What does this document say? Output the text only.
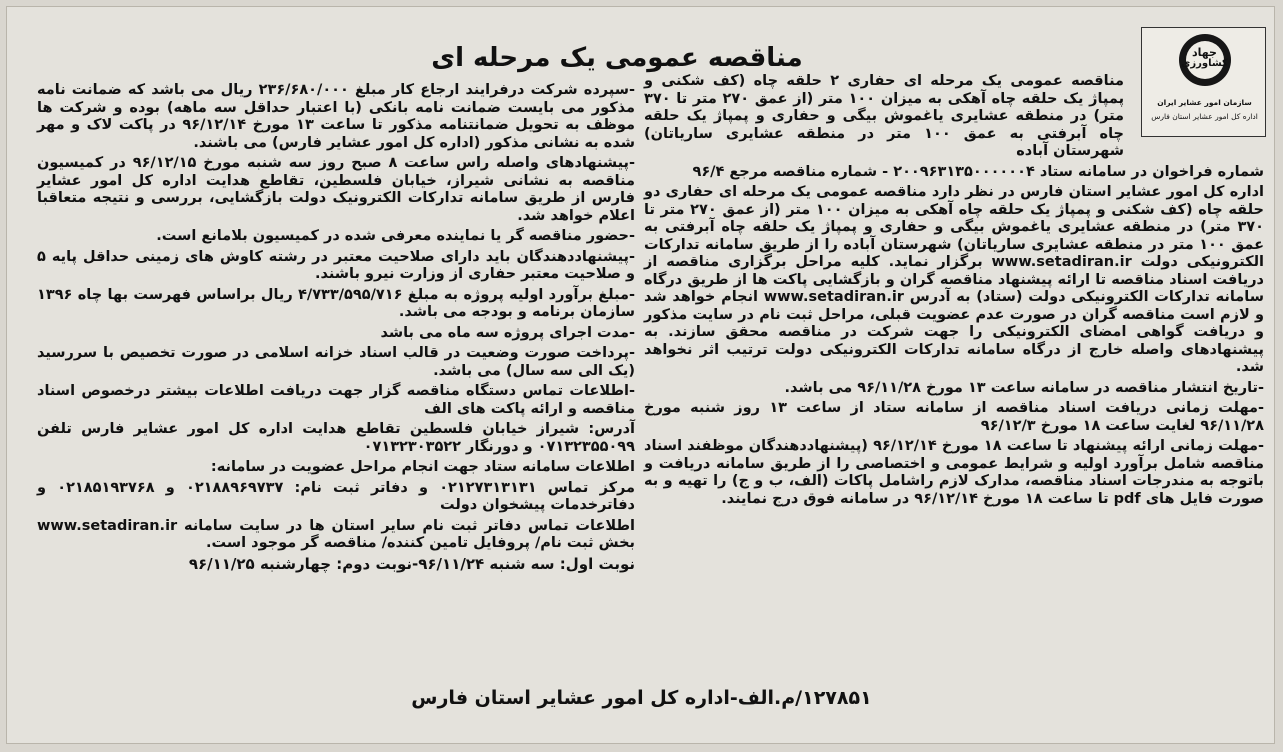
جهاد
کشاورزی
سازمان امور عشایر ایران
اداره کل امور عشایر استان فارس
مناقصه عمومی یک مرحله ای

مناقصه عمومی یک مرحله ای حفاری ۲ حلقه چاه (کف شکنی و پمپاژ یک حلقه چاه آهکی به میزان ۱۰۰ متر (از عمق ۲۷۰ متر تا ۳۷۰ متر) در منطقه عشایری یاغموش بیگی و حفاری و پمپاژ یک حلقه چاه آبرفتی به عمق ۱۰۰ متر در منطقه عشایری ساریاتان) شهرستان آباده

شماره فراخوان در سامانه ستاد ۲۰۰۹۶۳۱۳۵۰۰۰۰۰۰۴ - شماره مناقصه مرجع ۹۶/۴

اداره کل امور عشایر استان فارس در نظر دارد مناقصه عمومی یک مرحله ای حفاری دو حلقه چاه (کف شکنی و پمپاژ یک حلقه چاه آهکی به میزان ۱۰۰ متر (از عمق ۲۷۰ متر تا ۳۷۰ متر) در منطقه عشایری یاغموش بیگی و حفاری و پمپاژ یک حلقه چاه آبرفتی به عمق ۱۰۰ متر در منطقه عشایری ساریاتان) شهرستان آباده را از طریق سامانه تدارکات الکترونیکی دولت www.setadiran.ir برگزار نماید. کلیه مراحل برگزاری مناقصه از دریافت اسناد مناقصه تا ارائه پیشنهاد مناقصه گران و بازگشایی پاکت ها از طریق درگاه سامانه تدارکات الکترونیکی دولت (ستاد) به آدرس www.setadiran.ir انجام خواهد شد و لازم است مناقصه گران در صورت عدم عضویت قبلی، مراحل ثبت نام در سایت مذکور و دریافت گواهی امضای الکترونیکی را جهت شرکت در مناقصه محقق سازند. به پیشنهادهای واصله خارج از درگاه سامانه تدارکات الکترونیکی دولت ترتیب اثر نخواهد شد.

-تاریخ انتشار مناقصه در سامانه ساعت ۱۳ مورخ ۹۶/۱۱/۲۸ می باشد.

-مهلت زمانی دریافت اسناد مناقصه از سامانه ستاد از ساعت ۱۳ روز شنبه مورخ ۹۶/۱۱/۲۸ لغایت ساعت ۱۸ مورخ ۹۶/۱۲/۳

-مهلت زمانی ارائه پیشنهاد تا ساعت ۱۸ مورخ ۹۶/۱۲/۱۴ (پیشنهاددهندگان موظفند اسناد مناقصه شامل برآورد اولیه و شرایط عمومی و اختصاصی را از طریق سامانه دریافت و باتوجه به مندرجات اسناد مناقصه، مدارک لازم راشامل پاکات (الف، ب و ج) را تهیه و به صورت فایل های pdf تا ساعت ۱۸ مورخ ۹۶/۱۲/۱۴ در سامانه فوق درج نمایند.

-سپرده شرکت درفرایند ارجاع کار مبلغ ۲۳۶/۶۸۰/۰۰۰ ریال می باشد که ضمانت نامه مذکور می بایست ضمانت نامه بانکی (با اعتبار حداقل سه ماهه) بوده و شرکت ها موظف به تحویل ضمانتنامه مذکور تا ساعت ۱۳ مورخ ۹۶/۱۲/۱۴ در پاکت لاک و مهر شده به نشانی مذکور (اداره کل امور عشایر فارس) می باشند.

-پیشنهادهای واصله راس ساعت ۸ صبح روز سه شنبه مورخ ۹۶/۱۲/۱۵ در کمیسیون مناقصه به نشانی شیراز، خیابان فلسطین، تقاطع هدایت اداره کل امور عشایر فارس از طریق سامانه تدارکات الکترونیک دولت بازگشایی، بررسی و نتیجه متعاقبا اعلام خواهد شد.

-حضور مناقصه گر یا نماینده معرفی شده در کمیسیون بلامانع است.

-پیشنهاددهندگان باید دارای صلاحیت معتبر در رشته کاوش های زمینی حداقل پایه ۵ و صلاحیت معتبر حفاری از وزارت نیرو باشند.

-مبلغ برآورد اولیه پروژه به مبلغ ۴/۷۳۳/۵۹۵/۷۱۶ ریال براساس فهرست بها چاه ۱۳۹۶ سازمان برنامه و بودجه می باشد.

-مدت اجرای پروژه سه ماه می باشد

-پرداخت صورت وضعیت در قالب اسناد خزانه اسلامی در صورت تخصیص با سررسید (یک الی سه سال) می باشد.

-اطلاعات تماس دستگاه مناقصه گزار جهت دریافت اطلاعات بیشتر درخصوص اسناد مناقصه و ارائه پاکت های الف

آدرس: شیراز خیابان فلسطین تقاطع هدایت اداره کل امور عشایر فارس تلفن ۰۷۱۳۲۳۵۵۰۹۹ و دورنگار ۰۷۱۳۲۳۰۳۵۲۲

اطلاعات سامانه ستاد جهت انجام مراحل عضویت در سامانه:

مرکز تماس ۰۲۱۲۷۳۱۳۱۳۱ و دفاتر ثبت نام: ۰۲۱۸۸۹۶۹۷۳۷ و ۰۲۱۸۵۱۹۳۷۶۸ و دفاترخدمات پیشخوان دولت

اطلاعات تماس دفاتر ثبت نام سایر استان ها در سایت سامانه www.setadiran.ir بخش ثبت نام/ پروفایل تامین کننده/ مناقصه گر موجود است.

نوبت اول: سه شنبه ۹۶/۱۱/۲۴-نوبت دوم: چهارشنبه ۹۶/۱۱/۲۵

۱۲۷۸۵۱/م.الف-اداره کل امور عشایر استان فارس
